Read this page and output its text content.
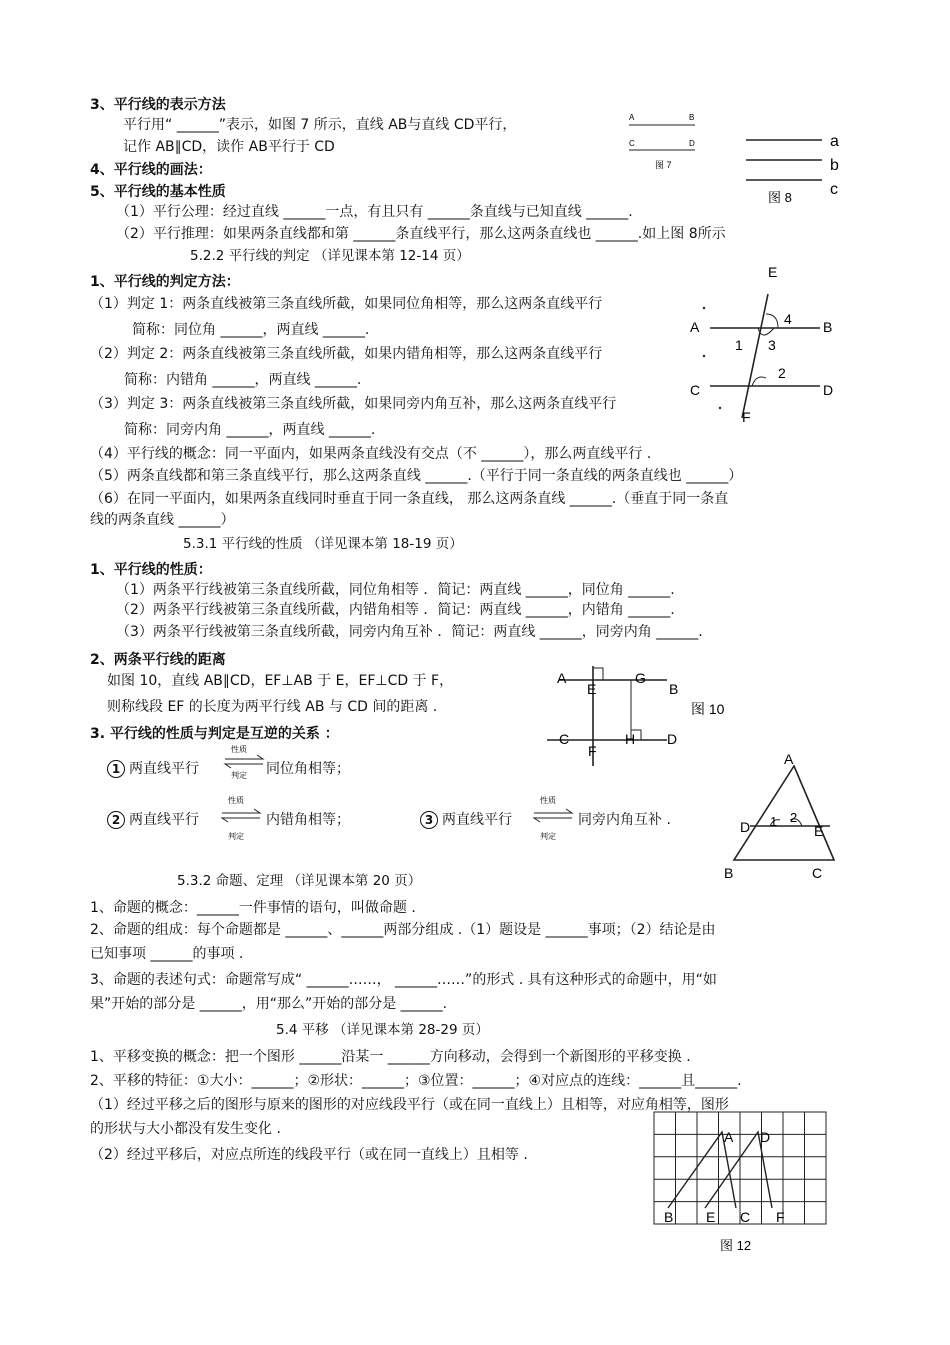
3、平行线的表示方法
平行用“ ______”表示，如图 7 所示，直线 AB与直线 CD平行，
记作 AB∥CD，读作 AB平行于 CD
4、平行线的画法：
5、平行线的基本性质
（1）平行公理：经过直线 ______一点，有且只有 ______条直线与已知直线 ______.
（2）平行推理：如果两条直线都和第 ______条直线平行，那么这两条直线也 ______.如上图 8所示
A	B
C	D
图 7
a
b
c
图 8
5.2.2 平行线的判定 （详见课本第 12-14 页）
1、平行线的判定方法：
（1）判定 1：两条直线被第三条直线所截，如果同位角相等，那么这两条直线平行
简称：同位角 ______，两直线 ______.
（2）判定 2：两条直线被第三条直线所截，如果内错角相等，那么这两条直线平行
简称：内错角 ______，两直线 ______.
（3）判定 3：两条直线被第三条直线所截，如果同旁内角互补，那么这两条直线平行
简称：同旁内角 ______，两直线 ______.
（4）平行线的概念：同一平面内，如果两条直线没有交点（不 ______），那么两直线平行 .
（5）两条直线都和第三条直线平行，那么这两条直线 ______.（平行于同一条直线的两条直线也 ______）
（6）在同一平面内，如果两条直线同时垂直于同一条直线， 那么这两条直线 ______.（垂直于同一条直
线的两条直线 ______）
E
A	B
C	D
F
1
2
3
4
5.3.1 平行线的性质 （详见课本第 18-19 页）
1、平行线的性质：
（1）两条平行线被第三条直线所截，同位角相等 ．简记：两直线 ______，同位角 ______.
（2）两条平行线被第三条直线所截，内错角相等 ．简记：两直线 ______，内错角 ______.
（3）两条平行线被第三条直线所截，同旁内角互补 ．简记：两直线 ______，同旁内角 ______.
2、两条平行线的距离
如图 10，直线 AB∥CD，EF⊥AB 于 E，EF⊥CD 于 F，
则称线段 EF 的长度为两平行线 AB 与 CD 间的距离 .
A
E
G
B
C
F
H D
图 10
3. 平行线的性质与判定是互逆的关系 ：
1 两直线平行
性质
判定 同位角相等；
2 两直线平行
性质
判定
内错角相等；	3 两直线平行
性质
判定
同旁内角互补 .
A
D	E
B	C
1 2
5.3.2 命题、定理 （详见课本第 20 页）
1、命题的概念：______一件事情的语句，叫做命题 .
2、命题的组成：每个命题都是 ______、______两部分组成 .（1）题设是 ______事项；（2）结论是由
已知事项 ______的事项 .
3、命题的表述句式：命题常写成“ ______……， ______……”的形式 . 具有这种形式的命题中，用“如
果”开始的部分是 ______，用“那么”开始的部分是 ______.
5.4 平移 （详见课本第 28-29 页）
1、平移变换的概念：把一个图形 ______沿某一 ______方向移动，会得到一个新图形的平移变换 .
2、平移的特征：①大小：______；②形状：______；③位置：______；④对应点的连线：______且______.
（1）经过平移之后的图形与原来的图形的对应线段平行（或在同一直线上）且相等，对应角相等，图形
的形状与大小都没有发生变化 .
（2）经过平移后，对应点所连的线段平行（或在同一直线上）且相等 .
A D
B E C F
图 12
